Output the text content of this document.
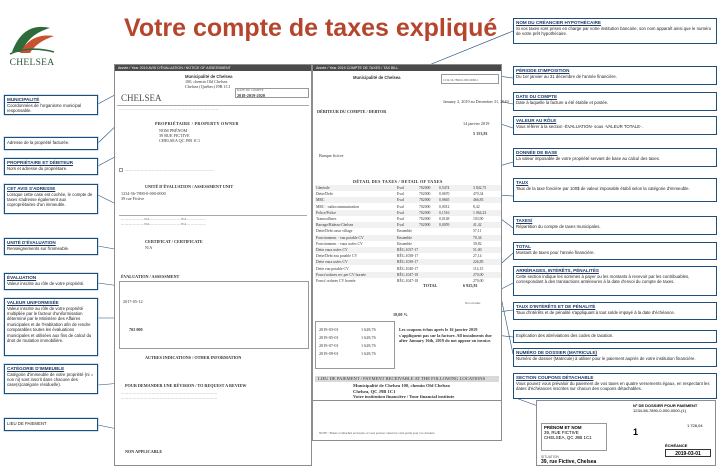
CHELSEA
Votre compte de taxes expliqué
MUNICIPALITÉ
Coordonnées de l'organisme municipal responsable.
Adresse de la propriété facturée.
PROPRIÉTAIRE ET DÉBITEUR
Nom et adresse du propriétaire.
CET AVIS S'ADRESSE
Lorsque cette case est cochée, le compte de taxes s'adresse également aux copropriétaires d'un immeuble.
UNITÉ D'ÉVALUATION
Renseignements sur l'immeuble.
ÉVALUATION
Valeur inscrite au rôle de votre propriété.
VALEUR UNIFORMISÉE
Valeur inscrite au rôle de votre propriété multipliée par le facteur d'uniformisation déterminé par le Ministère des Affaires municipales et de l'Habitation afin de rendre comparables toutes les évaluations municipales et utilisées aux fins de calcul du droit de mutation immobilière.
CATÉGORIE D'IMMEUBLE
Catégorie d'immeuble de votre propriété (ni = non ni) sont inscrit dans chacune des case(s)catégorie résiduelle).
LIEU DE PAIEMENT
NOM DU CRÉANCIER HYPOTHÉCAIRE
Si vos taxes sont prises en charge par votre institution bancaire, son nom apparaît ainsi que le numéro de votre prêt hypothécaire.
PÉRIODE D'IMPOSITION
Du 1er janvier au 31 décembre de l'année financière.
DATE DU COMPTE
Date à laquelle la facture a été établie et postée.
VALEUR AU RÔLE
Vous référer à la section -ÉVALUATION- sous -VALEUR TOTALE-.
DONNÉE DE BASE
La valeur imposable de votre propriété servant de base au calcul des taxes.
TAUX
Taux de la taxe foncière par 100$ de valeur imposable établi selon la catégorie d'immeuble.
TAXES/
Répartition du compte de taxes municipales.
TOTAL
Montant de taxes pour l'année financière.
ARRÉRAGES, INTÉRÊTS, PÉNALITÉS
Cette section indique les sommes à payer ou les montants à recevoir par les contribuables, correspondant à des transactions antérieures à la date d'envoi du compte de taxes.
TAUX D'INTÉRÊTS ET DE PÉNALITÉ
Taux d'intérêts et de pénalité s'appliquant à tout solde impayé à la date d'échéance.
Explication des abréviations des codes de taxation.
NUMÉRO DE DOSSIER (MATRICULE)
Numéro de dossier (Matricule) à utiliser pour le paiement auprès de votre institution financière.
SECTION COUPONS DÉTACHABLE
Vous pouvez vous prévaloir du paiement de vos taxes en quatre versements égaux, en respectant les dates d'échéances inscrites sur chacun des coupons détachables.
Année / Year 2019 AVIS D'ÉVALUATION / NOTICE OF ASSESSMENT
Municipalité de Chelsea
100, chemin Old Chelsea
Chelsea (Québec) J9B 1C1
DATE DU COMPTE
2018-2019-2020
CHELSEA
— — — — — — — — — — — — — — — — — — — — — — — — — —
PROPRIÉTAIRE / PROPERTY OWNER
NOM PRÉNOM
39 RUE FICTIVE
CHELSEA QC J9B 1C1
— — — — — — — — — — — — — — — — — — — — — — —
UNITÉ D'ÉVALUATION / ASSESSMENT UNIT
1234-56-7890-0-000-0000
39 rue Fictive
— — — — — — N/A — — — — — — — — N/A — — — — —
— — — — — — N/A — — — — — — — — N/A — — — — —
CERTIFICAT / CERTIFICATE
N/A
ÉVALUATION / ASSESSMENT
2017-05-12
702 000
AUTRES INDICATIONS / OTHER INFORMATION
POUR DEMANDER UNE RÉVISION / TO REQUEST A REVIEW
— — — — — — — — — — — — — — — — — — — — — — — — —
— — — — — — — — — — — — — — — — — — — — — — — — —
NON APPLICABLE
Année / Year 2019 COMPTE DE TAXES / TAX BILL
Municipalité de Chelsea	1234-56-7890-0-000-0000-1
January 2, 2019 au December 31, 2019
DÉBITEUR DU COMPTE / DEBTOR
14 janvier 2019
5 153,81
Banque fictive
DÉTAIL DES TAXES / DETAIL OF TAXES
Générale	Eval	702000 0,5474	3 842,75
Dette/Debt	Eval	702000 0,0670	470,34
MRC	Eval	702000 0,0665	466,83
MRC - radiocommunication	Eval	702000 0,0012	8,42
Police/Police	Eval	702000 0,1516	1 064,23
Transcollines	Eval	702000 0,0148	103,90
Barrage/Rideau-Chelsea	Eval	702000 0,0059	41,42
Dette/Debt cœur village	Ensemble	57,11
Fonctionnem. - eau potable CV	Ensemble	70,34
Fonctionnem. - eaux usées CV	Ensemble	39,82
Dette eaux usées CV	RÈG.1037-17	51,00
Dette/Debt eau potable CV	RÈG.1038-17	27,14
Dette eaux usées CV	RÈG.1039-17	226,85
Dette eau potable CV	RÈG.1040-17	114,15
Fonct/ordures rec per CV bornée	RÈG.1047-18	270,00
Fonct/ ordures CV bornée	RÈG.1047-18	270,00
TOTAL	6 925,81
Not overdue
18,00 %
2019-03-01	1 628,76
2019-05-01	1 628,76
2019-07-01	1 628,76
2019-09-01	1 628,76
Les coupons échus après le 16 janvier 2019 s'appliquent pas sur la facture. All instalments due after January 16th, 2019 do not appear on invoice.
LIEU DE PAIEMENT / PAYMENT RECEIVABLE AT THE FOLLOWING LOCATIONS
Municipalité de Chelsea 100, chemin Old Chelsea
Chelsea, QC J9B 1C1
Votre institution financière / Your financial institute
NOTE : Brisez et détachez au besoin, et vous pouvez conserver cette partie pour vos dossiers.
Nº DE DOSSIER POUR PAIEMENT
1234-56-7890-0-000-0000-(1)
PRÉNOM ET NOM
39, RUE FICTIVE
CHELSEA, QC J9B 1C1
1
1 728,04
ÉCHÉANCE
2019-03-01
SITUATION
39, rue Fictive, Chelsea
